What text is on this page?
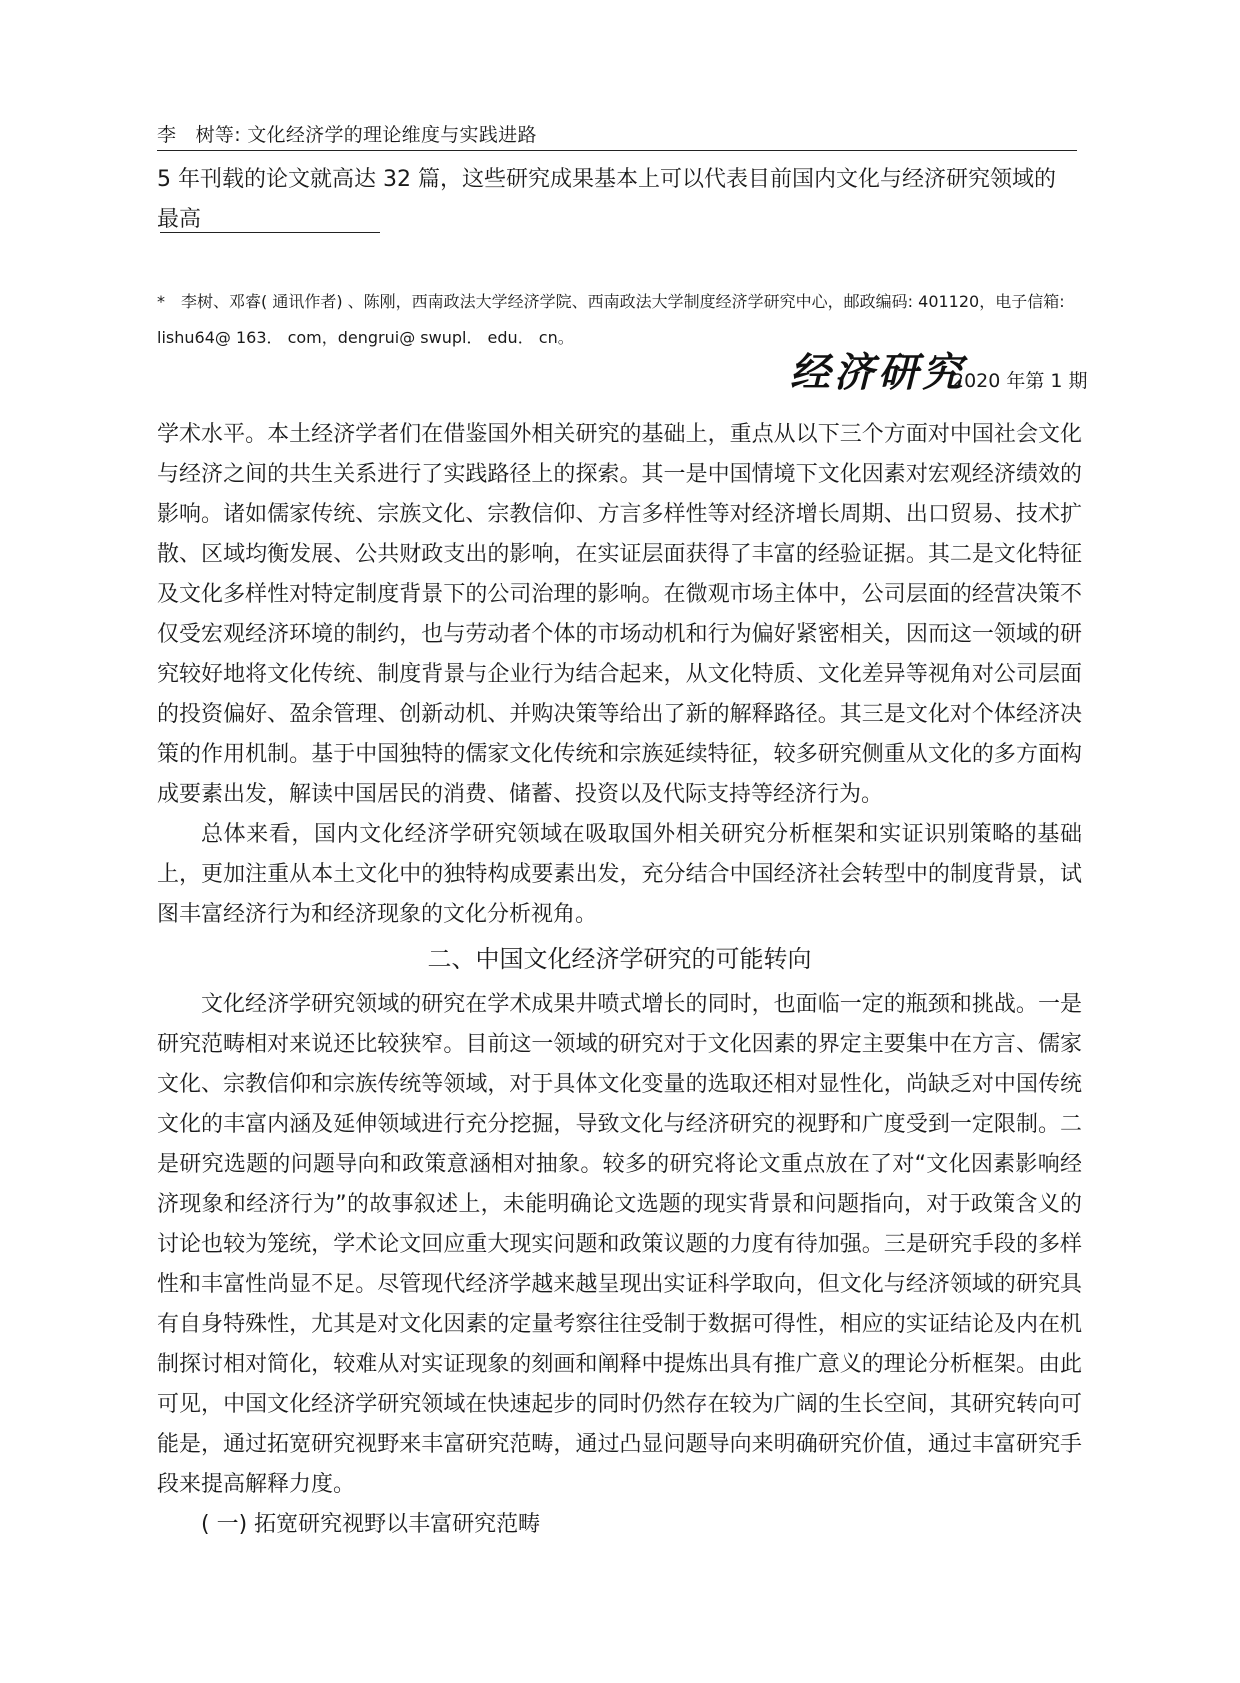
李　树等: 文化经济学的理论维度与实践进路

5 年刊载的论文就高达 32 篇，这些研究成果基本上可以代表目前国内文化与经济研究领域的最高

*　李树、邓睿( 通讯作者) 、陈刚，西南政法大学经济学院、西南政法大学制度经济学研究中心，邮政编码: 401120，电子信箱: lishu64@ 163． com，dengrui@ swupl． edu． cn。

经济研究
2020 年第 1 期

学术水平。本土经济学者们在借鉴国外相关研究的基础上，重点从以下三个方面对中国社会文化与经济之间的共生关系进行了实践路径上的探索。其一是中国情境下文化因素对宏观经济绩效的影响。诸如儒家传统、宗族文化、宗教信仰、方言多样性等对经济增长周期、出口贸易、技术扩散、区域均衡发展、公共财政支出的影响，在实证层面获得了丰富的经验证据。其二是文化特征及文化多样性对特定制度背景下的公司治理的影响。在微观市场主体中，公司层面的经营决策不仅受宏观经济环境的制约，也与劳动者个体的市场动机和行为偏好紧密相关，因而这一领域的研究较好地将文化传统、制度背景与企业行为结合起来，从文化特质、文化差异等视角对公司层面的投资偏好、盈余管理、创新动机、并购决策等给出了新的解释路径。其三是文化对个体经济决策的作用机制。基于中国独特的儒家文化传统和宗族延续特征，较多研究侧重从文化的多方面构成要素出发，解读中国居民的消费、储蓄、投资以及代际支持等经济行为。

总体来看，国内文化经济学研究领域在吸取国外相关研究分析框架和实证识别策略的基础上，更加注重从本土文化中的独特构成要素出发，充分结合中国经济社会转型中的制度背景，试图丰富经济行为和经济现象的文化分析视角。

二、中国文化经济学研究的可能转向

文化经济学研究领域的研究在学术成果井喷式增长的同时，也面临一定的瓶颈和挑战。一是研究范畴相对来说还比较狭窄。目前这一领域的研究对于文化因素的界定主要集中在方言、儒家文化、宗教信仰和宗族传统等领域，对于具体文化变量的选取还相对显性化，尚缺乏对中国传统文化的丰富内涵及延伸领域进行充分挖掘，导致文化与经济研究的视野和广度受到一定限制。二是研究选题的问题导向和政策意涵相对抽象。较多的研究将论文重点放在了对“文化因素影响经济现象和经济行为”的故事叙述上，未能明确论文选题的现实背景和问题指向，对于政策含义的讨论也较为笼统，学术论文回应重大现实问题和政策议题的力度有待加强。三是研究手段的多样性和丰富性尚显不足。尽管现代经济学越来越呈现出实证科学取向，但文化与经济领域的研究具有自身特殊性，尤其是对文化因素的定量考察往往受制于数据可得性，相应的实证结论及内在机制探讨相对简化，较难从对实证现象的刻画和阐释中提炼出具有推广意义的理论分析框架。由此可见，中国文化经济学研究领域在快速起步的同时仍然存在较为广阔的生长空间，其研究转向可能是，通过拓宽研究视野来丰富研究范畴，通过凸显问题导向来明确研究价值，通过丰富研究手段来提高解释力度。

( 一) 拓宽研究视野以丰富研究范畴
